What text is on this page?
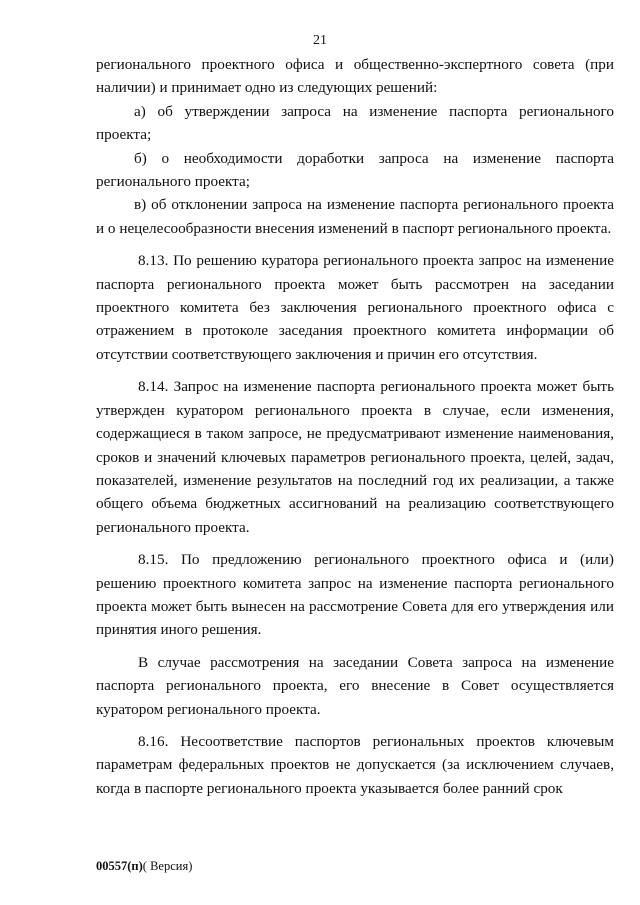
21

регионального проектного офиса и общественно-экспертного совета (при наличии) и принимает одно из следующих решений:

а) об утверждении запроса на изменение паспорта регионального проекта;

б) о необходимости доработки запроса на изменение паспорта регионального проекта;

в) об отклонении запроса на изменение паспорта регионального проекта и о нецелесообразности внесения изменений в паспорт регионального проекта.

8.13. По решению куратора регионального проекта запрос на изменение паспорта регионального проекта может быть рассмотрен на заседании проектного комитета без заключения регионального проектного офиса с отражением в протоколе заседания проектного комитета информации об отсутствии соответствующего заключения и причин его отсутствия.

8.14. Запрос на изменение паспорта регионального проекта может быть утвержден куратором регионального проекта в случае, если изменения, содержащиеся в таком запросе, не предусматривают изменение наименования, сроков и значений ключевых параметров регионального проекта, целей, задач, показателей, изменение результатов на последний год их реализации, а также общего объема бюджетных ассигнований на реализацию соответствующего регионального проекта.

8.15. По предложению регионального проектного офиса и (или) решению проектного комитета запрос на изменение паспорта регионального проекта может быть вынесен на рассмотрение Совета для его утверждения или принятия иного решения.

В случае рассмотрения на заседании Совета запроса на изменение паспорта регионального проекта, его внесение в Совет осуществляется куратором регионального проекта.

8.16. Несоответствие паспортов региональных проектов ключевым параметрам федеральных проектов не допускается (за исключением случаев, когда в паспорте регионального проекта указывается более ранний срок

00557(п)( Версия)
